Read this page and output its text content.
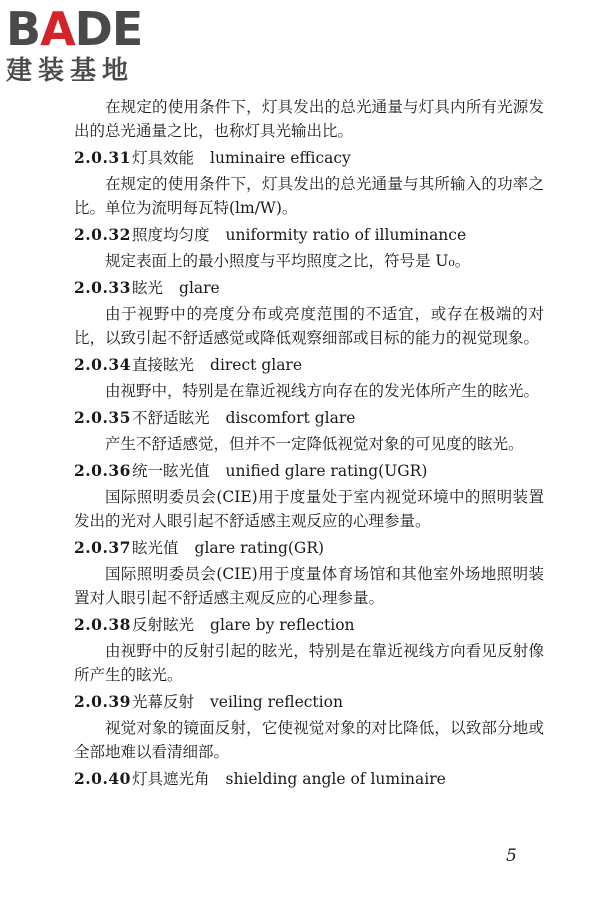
BADE
建装基地

在规定的使用条件下，灯具发出的总光通量与灯具内所有光源发出的总光通量之比，也称灯具光输出比。

2.0.31灯具效能 luminaire efficacy

在规定的使用条件下，灯具发出的总光通量与其所输入的功率之比。单位为流明每瓦特(lm/W)。

2.0.32照度均匀度 uniformity ratio of illuminance

规定表面上的最小照度与平均照度之比，符号是 U₀。

2.0.33眩光 glare

由于视野中的亮度分布或亮度范围的不适宜，或存在极端的对比，以致引起不舒适感觉或降低观察细部或目标的能力的视觉现象。

2.0.34直接眩光 direct glare

由视野中，特别是在靠近视线方向存在的发光体所产生的眩光。

2.0.35不舒适眩光 discomfort glare

产生不舒适感觉，但并不一定降低视觉对象的可见度的眩光。

2.0.36统一眩光值 unified glare rating(UGR)

国际照明委员会(CIE)用于度量处于室内视觉环境中的照明装置发出的光对人眼引起不舒适感主观反应的心理参量。

2.0.37眩光值 glare rating(GR)

国际照明委员会(CIE)用于度量体育场馆和其他室外场地照明装置对人眼引起不舒适感主观反应的心理参量。

2.0.38反射眩光 glare by reflection

由视野中的反射引起的眩光，特别是在靠近视线方向看见反射像所产生的眩光。

2.0.39光幕反射 veiling reflection

视觉对象的镜面反射，它使视觉对象的对比降低，以致部分地或全部地难以看清细部。

2.0.40灯具遮光角 shielding angle of luminaire
5
